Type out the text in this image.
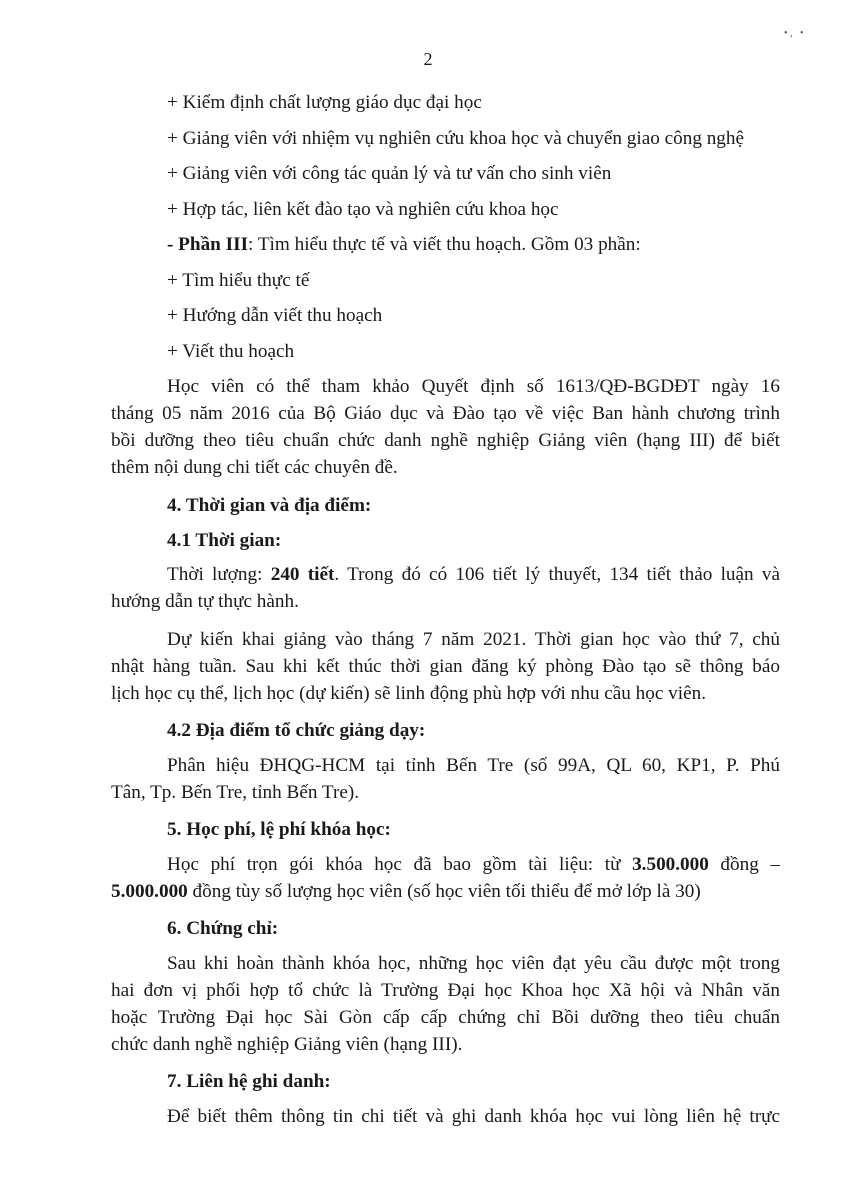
• ,   •
2
+ Kiểm định chất lượng giáo dục đại học
+ Giảng viên với nhiệm vụ nghiên cứu khoa học và chuyển giao công nghệ
+ Giảng viên với công tác quản lý và tư vấn cho sinh viên
+ Hợp tác, liên kết đào tạo và nghiên cứu khoa học
- Phần III: Tìm hiểu thực tế và viết thu hoạch. Gồm 03 phần:
+ Tìm hiểu thực tế
+ Hướng dẫn viết thu hoạch
+ Viết thu hoạch
Học viên có thể tham khảo Quyết định số 1613/QĐ-BGDĐT ngày 16
tháng 05 năm 2016 của Bộ Giáo dục và Đào tạo về việc Ban hành chương trình
bồi dưỡng theo tiêu chuẩn chức danh nghề nghiệp Giảng viên (hạng III) để biết
thêm nội dung chi tiết các chuyên đề.
4. Thời gian và địa điểm:
4.1 Thời gian:
Thời lượng: 240 tiết. Trong đó có 106 tiết lý thuyết, 134 tiết thảo luận và
hướng dẫn tự thực hành.
Dự kiến khai giảng vào tháng 7 năm 2021. Thời gian học vào thứ 7, chủ
nhật hàng tuần. Sau khi kết thúc thời gian đăng ký phòng Đào tạo sẽ thông báo
lịch học cụ thể, lịch học (dự kiến) sẽ linh động phù hợp với nhu cầu học viên.
4.2 Địa điểm tổ chức giảng dạy:
Phân hiệu ĐHQG-HCM tại tỉnh Bến Tre (số 99A, QL 60, KP1, P. Phú
Tân, Tp. Bến Tre, tỉnh Bến Tre).
5. Học phí, lệ phí khóa học:
Học phí trọn gói khóa học đã bao gồm tài liệu: từ 3.500.000 đồng –
5.000.000 đồng tùy số lượng học viên (số học viên tối thiểu để mở lớp là 30)
6. Chứng chỉ:
Sau khi hoàn thành khóa học, những học viên đạt yêu cầu được một trong
hai đơn vị phối hợp tổ chức là Trường Đại học Khoa học Xã hội và Nhân văn
hoặc Trường Đại học Sài Gòn cấp cấp chứng chỉ Bồi dưỡng theo tiêu chuẩn
chức danh nghề nghiệp Giảng viên (hạng III).
7. Liên hệ ghi danh:
Để biết thêm thông tin chi tiết và ghi danh khóa học vui lòng liên hệ trực
